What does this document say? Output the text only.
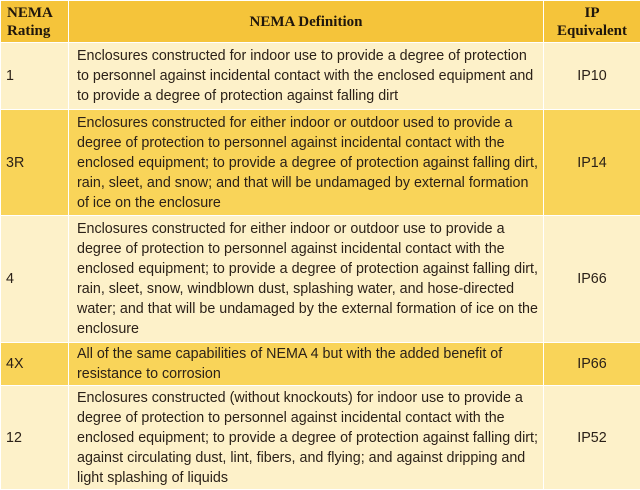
NEMA Rating	NEMA Definition	IP Equivalent

1	Enclosures constructed for indoor use to provide a degree of protection to personnel against incidental contact with the enclosed equipment and to provide a degree of protection against falling dirt	IP10
3R	Enclosures constructed for either indoor or outdoor used to provide a degree of protection to personnel against incidental contact with the enclosed equipment; to provide a degree of protection against falling dirt, rain, sleet, and snow; and that will be undamaged by external formation of ice on the enclosure	IP14
4	Enclosures constructed for either indoor or outdoor use to provide a degree of protection to personnel against incidental contact with the enclosed equipment; to provide a degree of protection against falling dirt, rain, sleet, snow, windblown dust, splashing water, and hose-directed water; and that will be undamaged by the external formation of ice on the enclosure	IP66
4X	All of the same capabilities of NEMA 4 but with the added benefit of resistance to corrosion	IP66
12	Enclosures constructed (without knockouts) for indoor use to provide a degree of protection to personnel against incidental contact with the enclosed equipment; to provide a degree of protection against falling dirt; against circulating dust, lint, fibers, and flying; and against dripping and light splashing of liquids	IP52
